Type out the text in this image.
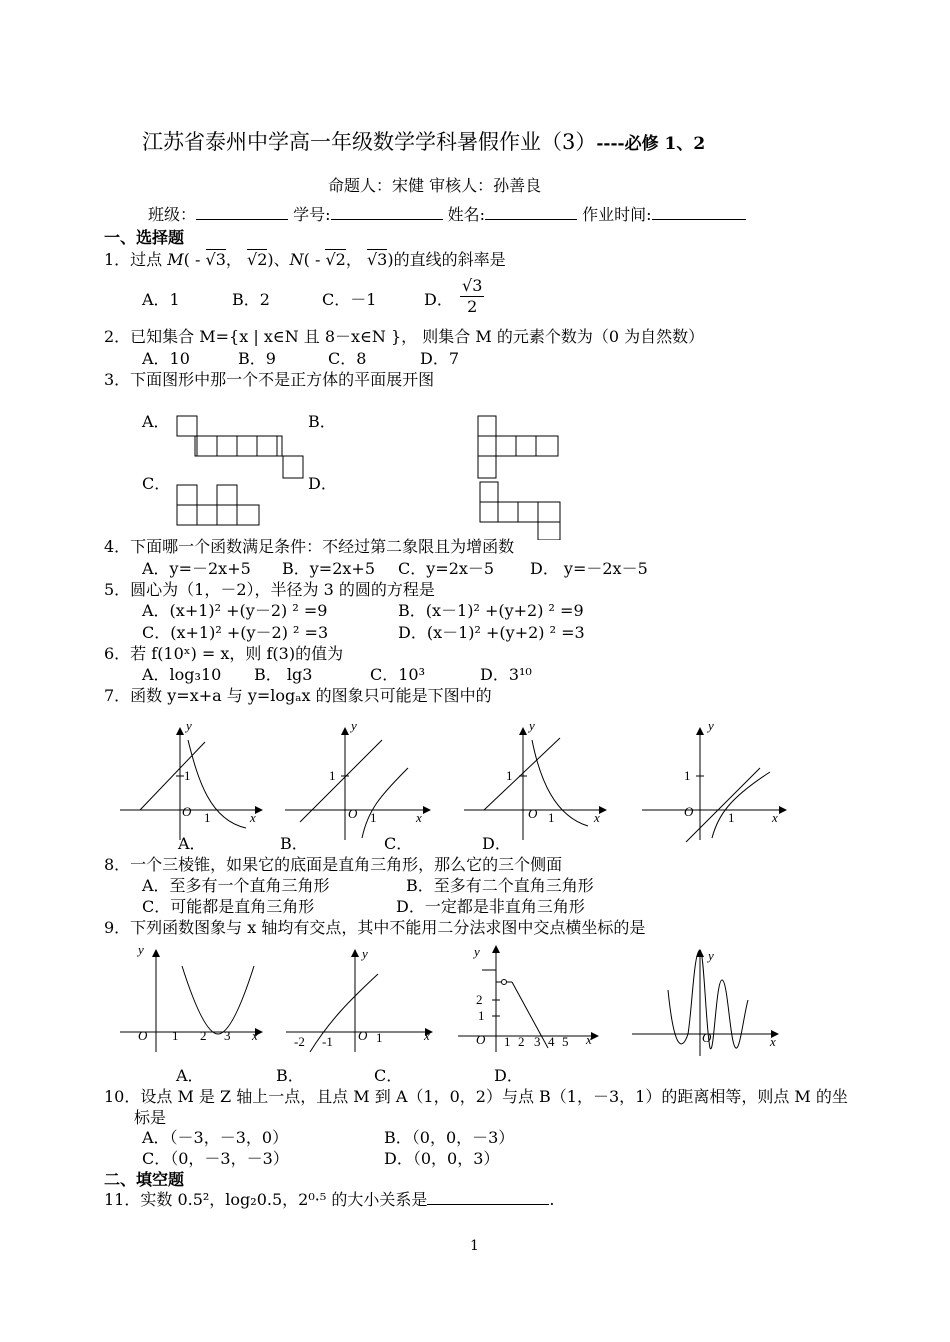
江苏省泰州中学高一年级数学学科暑假作业（3）----必修 1、2
命题人：宋健 审核人：孙善良
班级：	学号:	姓名:	作业时间:
一、选择题
1．过点 M( - √3， √2)、N( - √2， √3)的直线的斜率是
A．1	B．2	C．－1	D． $\frac{√3}{2}$
2．已知集合 M={x | x∈N 且 8－x∈N }， 则集合 M 的元素个数为（0 为自然数）
A．10	B．9	C．8	D．7
3．下面图形中那一个不是正方体的平面展开图
A．	B．
C．	D．
4．下面哪一个函数满足条件：不经过第二象限且为增函数
A．y=－2x+5 B．y=2x+5 C．y=2x－5 D． y=－2x－5
5．圆心为（1，－2），半径为 3 的圆的方程是
A．(x+1)² +(y－2) ² =9	B．(x－1)² +(y+2) ² =9
C．(x+1)² +(y－2) ² =3	D．(x－1)² +(y+2) ² =3
6．若 f(10ˣ) = x，则 f(3)的值为
A．log₃10 B． lg3	C．10³	D．3¹⁰
7．函数 y=x+a 与 y=logₐx 的图象只可能是下图中的
y
1
O 1	x
y
1
O 1	x
y
1
O 1	x
y
1
O	1	x
A．	B．	C．	D．
8．一个三棱锥，如果它的底面是直角三角形，那么它的三个侧面
A．至多有一个直角三角形	B．至多有二个直角三角形
C．可能都是直角三角形	D．一定都是非直角三角形
9．下列函数图象与 x 轴均有交点，其中不能用二分法求图中交点横坐标的是
y
O 1 2 3 x
y
-2 -1 O 1	x
y
2
1
O 1 2 3 4 5 x
y
O	x
A．	B．	C．	D．
10．设点 M 是 Z 轴上一点，且点 M 到 A（1，0，2）与点 B（1，－3，1）的距离相等，则点 M 的坐
标是
A．（－3，－3，0）	B．（0，0，－3）
C．（0，－3，－3）	D．（0，0，3）
二、填空题
11．实数 0.5²，log₂0.5，2⁰·⁵ 的大小关系是	.
1
